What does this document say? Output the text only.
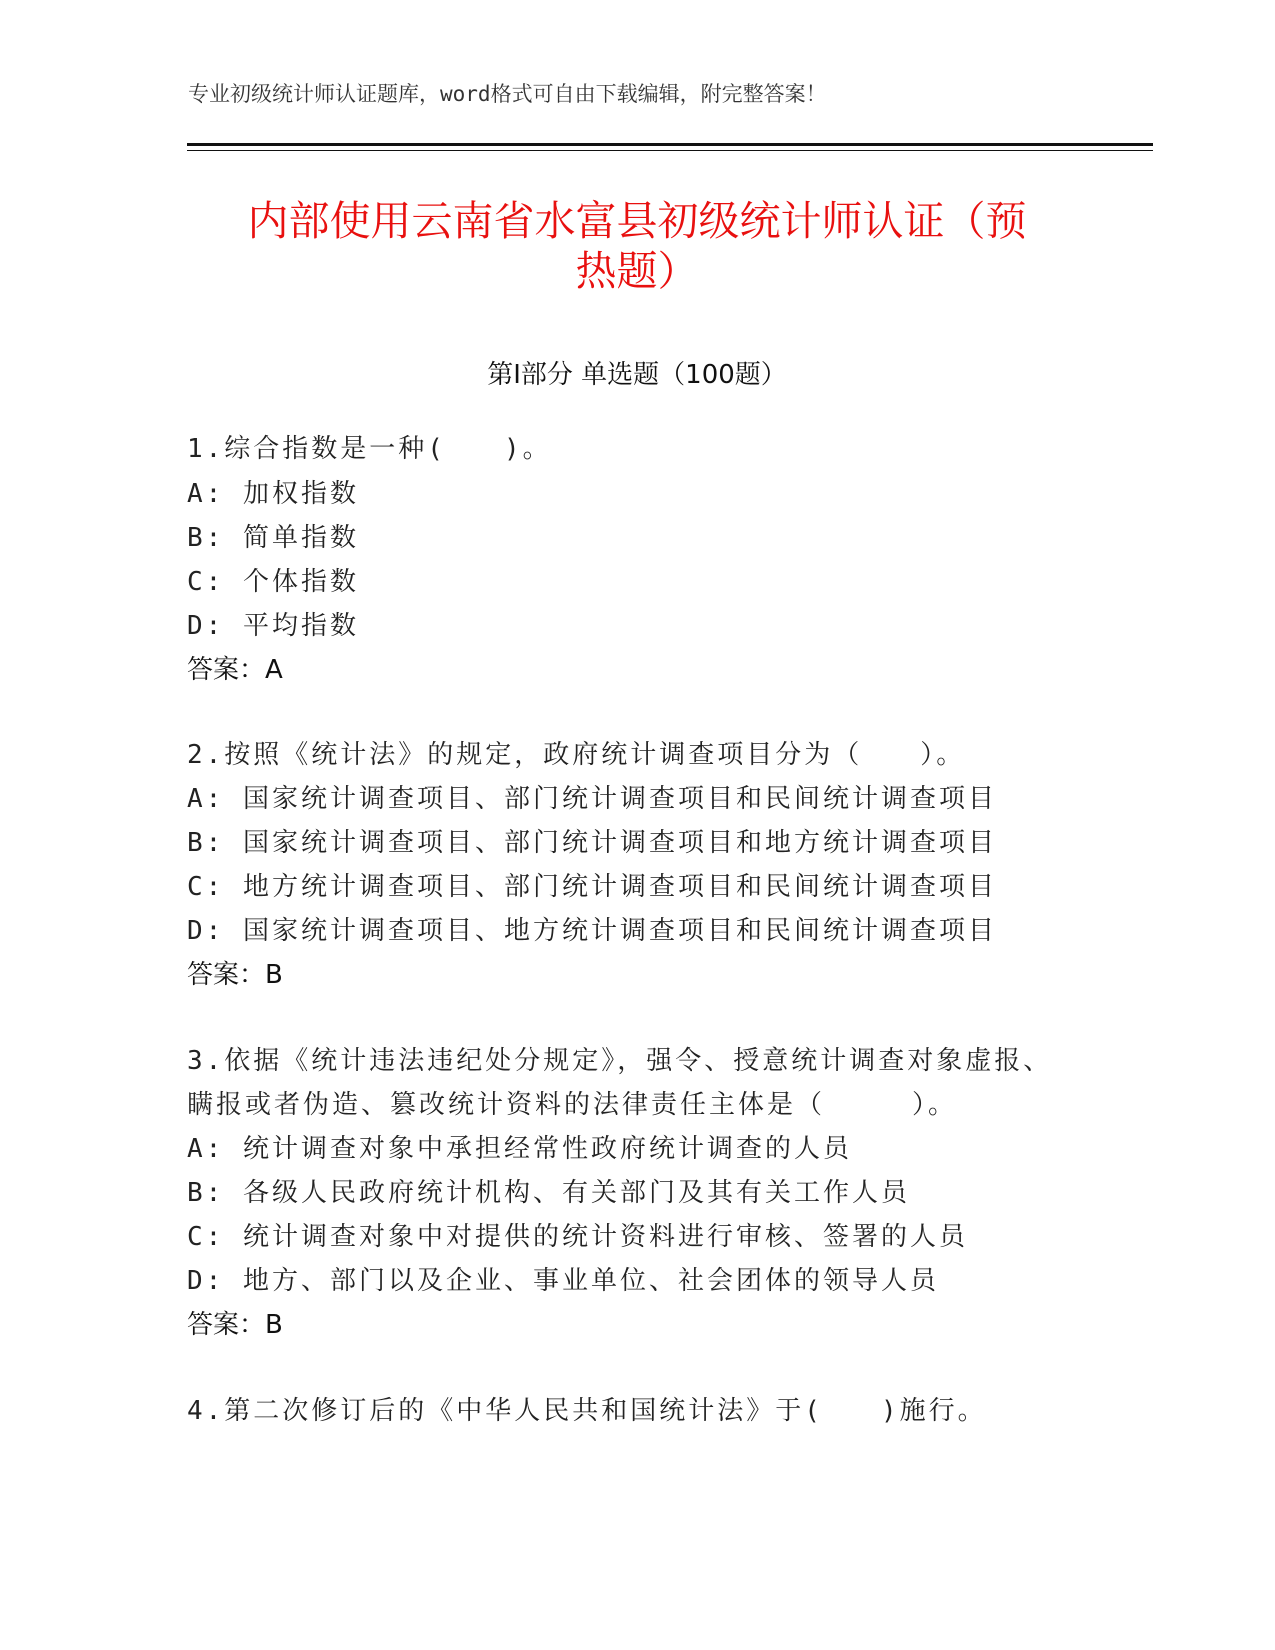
专业初级统计师认证题库，word格式可自由下载编辑，附完整答案！
内部使用云南省水富县初级统计师认证（预
热题）
第Ⅰ部分 单选题（100题）
1.综合指数是一种(　　)。
A: 加权指数
B: 简单指数
C: 个体指数
D: 平均指数
答案：A
2.按照《统计法》的规定，政府统计调查项目分为（　　）。
A: 国家统计调查项目、部门统计调查项目和民间统计调查项目
B: 国家统计调查项目、部门统计调查项目和地方统计调查项目
C: 地方统计调查项目、部门统计调查项目和民间统计调查项目
D: 国家统计调查项目、地方统计调查项目和民间统计调查项目
答案：B
3.依据《统计违法违纪处分规定》，强令、授意统计调查对象虚报、
瞒报或者伪造、篡改统计资料的法律责任主体是（　　　）。
A: 统计调查对象中承担经常性政府统计调查的人员
B: 各级人民政府统计机构、有关部门及其有关工作人员
C: 统计调查对象中对提供的统计资料进行审核、签署的人员
D: 地方、部门以及企业、事业单位、社会团体的领导人员
答案：B
4.第二次修订后的《中华人民共和国统计法》于(　　)施行。
